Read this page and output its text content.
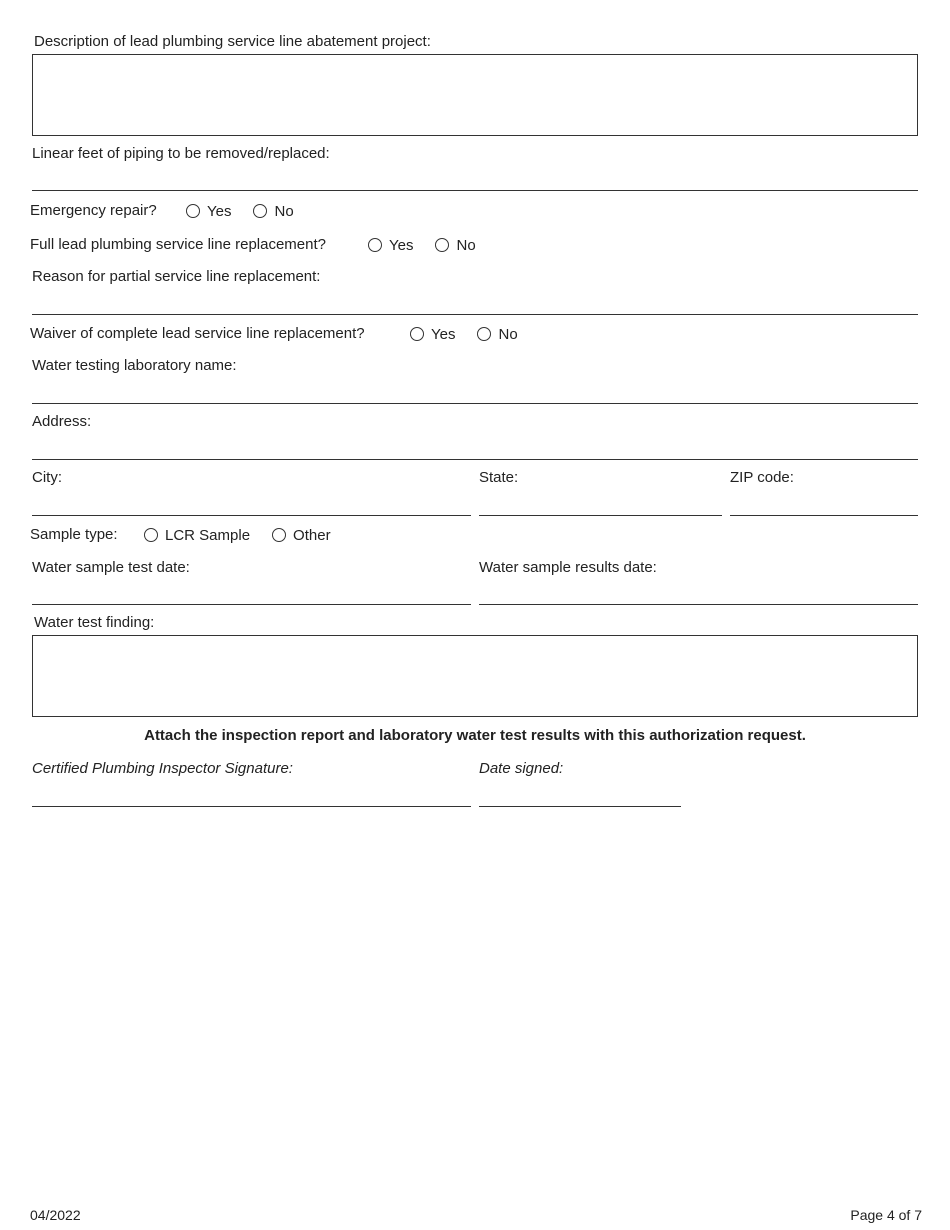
Description of lead plumbing service line abatement project:
Linear feet of piping to be removed/replaced:
Emergency repair?	Yes	No
Full lead plumbing service line replacement?	Yes	No
Reason for partial service line replacement:
Waiver of complete lead service line replacement?	Yes	No
Water testing laboratory name:
Address:
City:	State:	ZIP code:
Sample type:	LCR Sample	Other
Water sample test date:	Water sample results date:
Water test finding:
Attach the inspection report and laboratory water test results with this authorization request.
Certified Plumbing Inspector Signature:	Date signed:
04/2022	Page 4 of 7
